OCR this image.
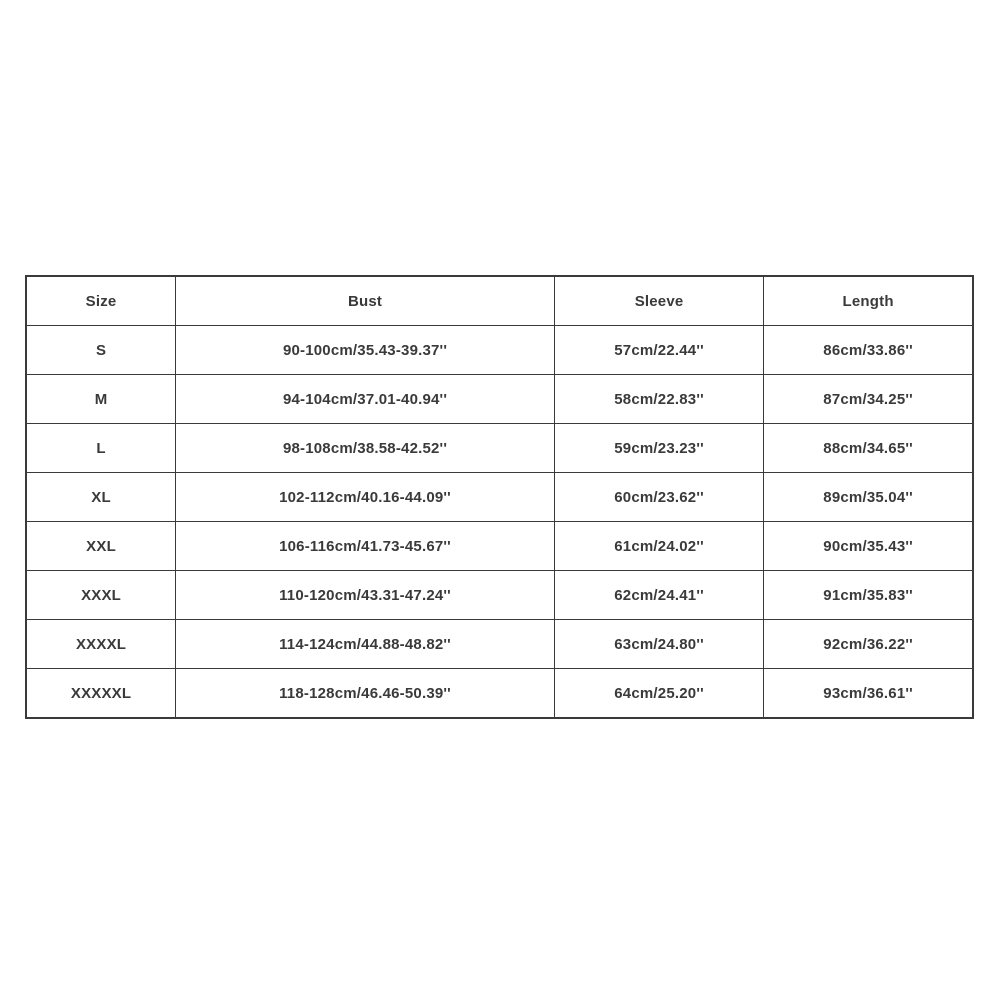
Size	Bust	Sleeve	Length
S	90-100cm/35.43-39.37''	57cm/22.44''	86cm/33.86''
M	94-104cm/37.01-40.94''	58cm/22.83''	87cm/34.25''
L	98-108cm/38.58-42.52''	59cm/23.23''	88cm/34.65''
XL	102-112cm/40.16-44.09''	60cm/23.62''	89cm/35.04''
XXL	106-116cm/41.73-45.67''	61cm/24.02''	90cm/35.43''
XXXL	110-120cm/43.31-47.24''	62cm/24.41''	91cm/35.83''
XXXXL	114-124cm/44.88-48.82''	63cm/24.80''	92cm/36.22''
XXXXXL	118-128cm/46.46-50.39''	64cm/25.20''	93cm/36.61''
